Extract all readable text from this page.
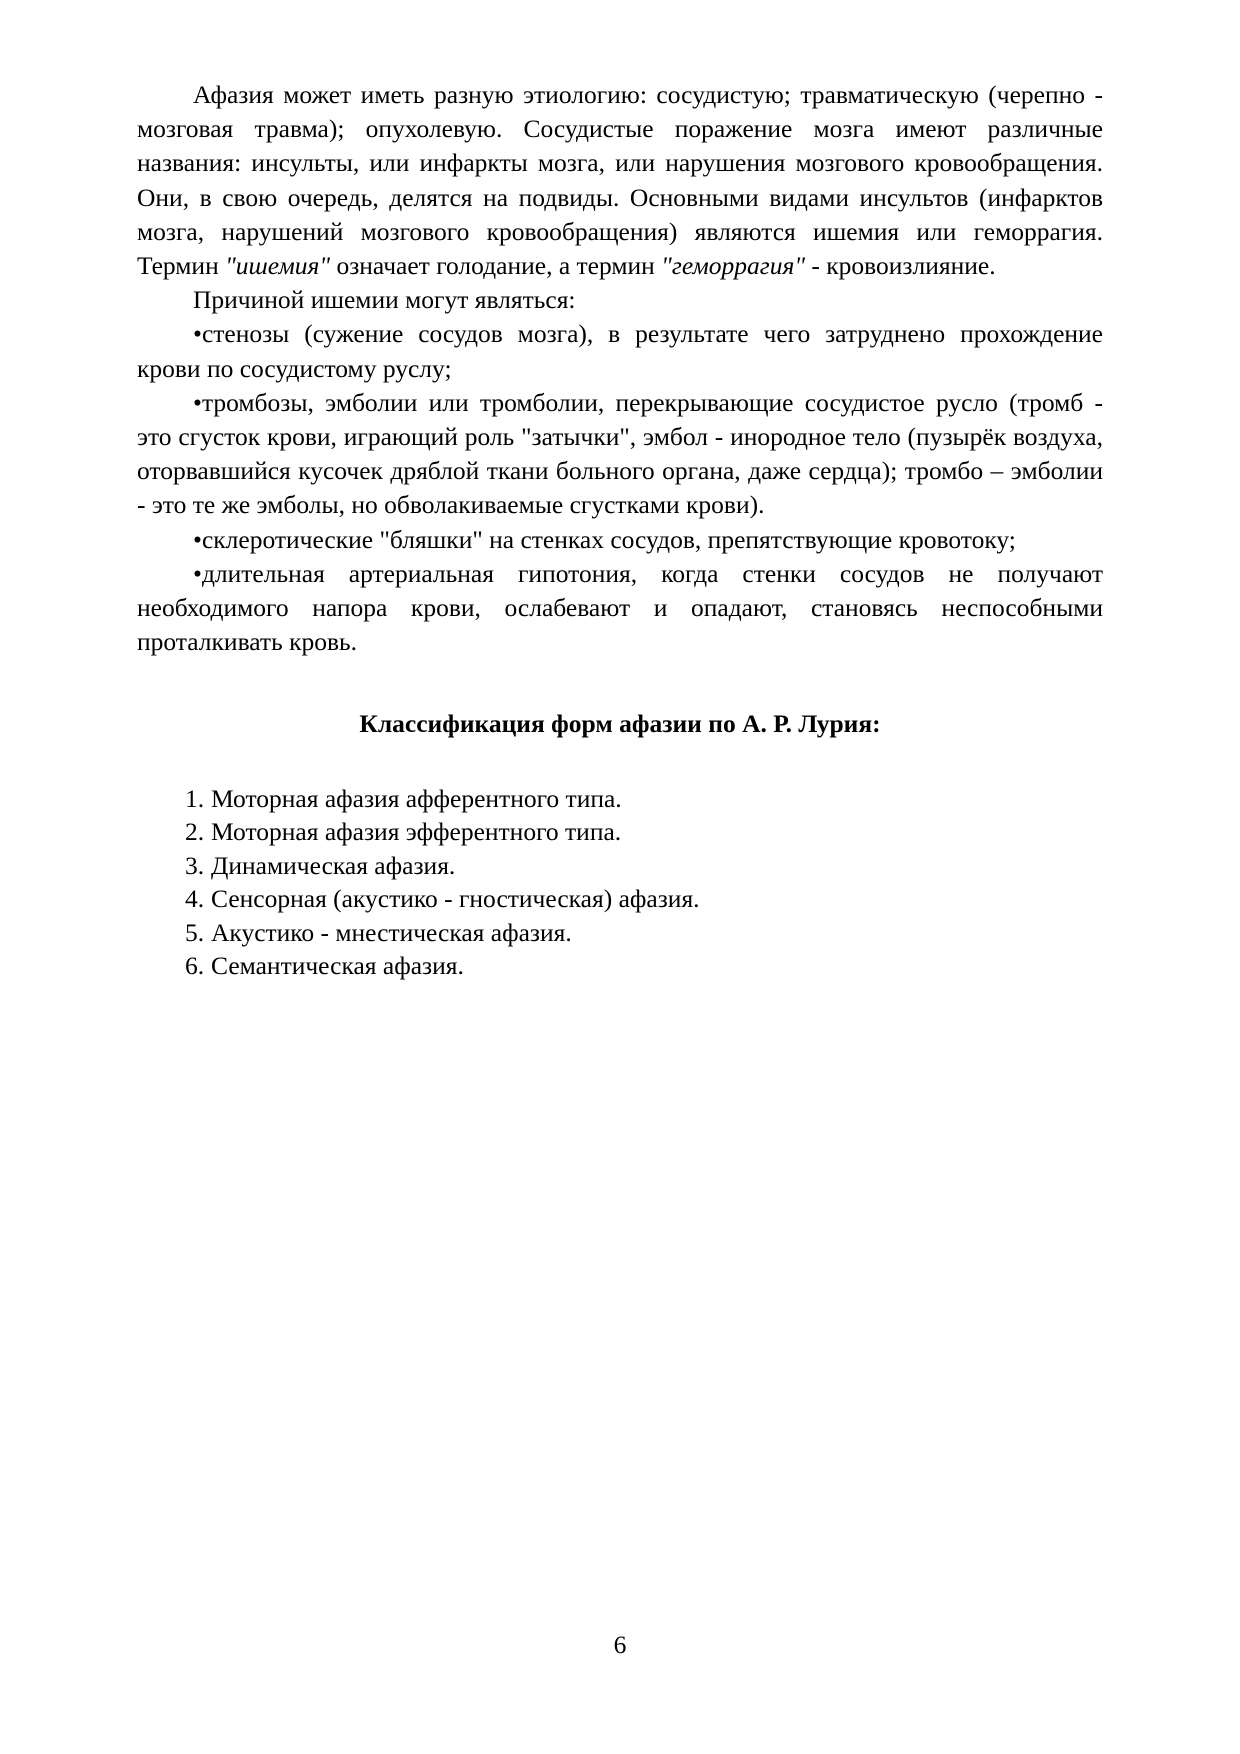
Афазия может иметь разную этиологию: сосудистую; травматическую (черепно - мозговая травма); опухолевую. Сосудистые поражение мозга имеют различные названия: инсульты, или инфаркты мозга, или нарушения мозгового кровообращения. Они, в свою очередь, делятся на подвиды. Основными видами инсультов (инфарктов мозга, нарушений мозгового кровообращения) являются ишемия или геморрагия. Термин "ишемия" означает голодание, а термин "геморрагия" - кровоизлияние.

Причиной ишемии могут являться:

•стенозы (сужение сосудов мозга), в результате чего затруднено прохождение крови по сосудистому руслу;

•тромбозы, эмболии или тромболии, перекрывающие сосудистое русло (тромб - это сгусток крови, играющий роль "затычки", эмбол - инородное тело (пузырёк воздуха, оторвавшийся кусочек дряблой ткани больного органа, даже сердца); тромбо – эмболии - это те же эмболы, но обволакиваемые сгустками крови).

•склеротические "бляшки" на стенках сосудов, препятствующие кровотоку;

•длительная артериальная гипотония, когда стенки сосудов не получают необходимого напора крови, ослабевают и опадают, становясь неспособными проталкивать кровь.

Классификация форм афазии по А. Р. Лурия:

1. Моторная афазия афферентного типа.
2. Моторная афазия эфферентного типа.
3. Динамическая афазия.
4. Сенсорная (акустико - гностическая) афазия.
5. Акустико - мнестическая афазия.
6. Семантическая афазия.
6
